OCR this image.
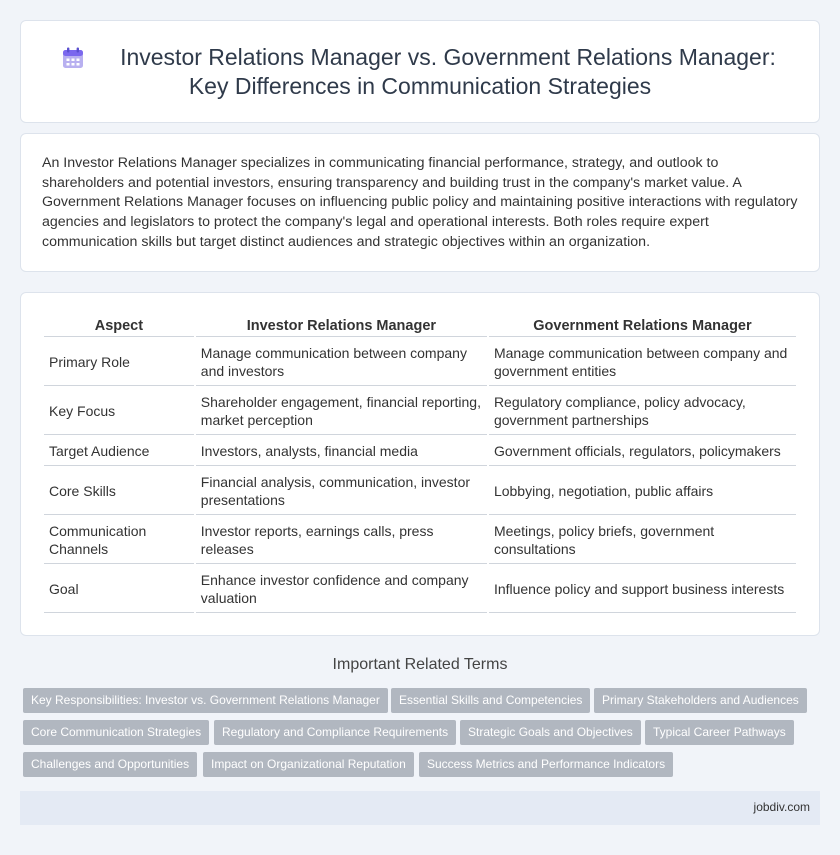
Investor Relations Manager vs. Government Relations Manager:
Key Differences in Communication Strategies

An Investor Relations Manager specializes in communicating financial performance, strategy, and outlook to shareholders and potential investors, ensuring transparency and building trust in the company's market value. A Government Relations Manager focuses on influencing public policy and maintaining positive interactions with regulatory agencies and legislators to protect the company's legal and operational interests. Both roles require expert communication skills but target distinct audiences and strategic objectives within an organization.

Aspect	Investor Relations Manager	Government Relations Manager
Primary Role	Manage communication between company and investors	Manage communication between company and government entities
Key Focus	Shareholder engagement, financial reporting, market perception	Regulatory compliance, policy advocacy, government partnerships
Target Audience	Investors, analysts, financial media	Government officials, regulators, policymakers
Core Skills	Financial analysis, communication, investor presentations	Lobbying, negotiation, public affairs
Communication Channels	Investor reports, earnings calls, press releases	Meetings, policy briefs, government consultations
Goal	Enhance investor confidence and company valuation	Influence policy and support business interests
Important Related Terms
Key Responsibilities: Investor vs. Government Relations Manager	Essential Skills and Competencies	Primary Stakeholders and Audiences
Core Communication Strategies	Regulatory and Compliance Requirements	Strategic Goals and Objectives	Typical Career Pathways
Challenges and Opportunities	Impact on Organizational Reputation	Success Metrics and Performance Indicators
jobdiv.com
